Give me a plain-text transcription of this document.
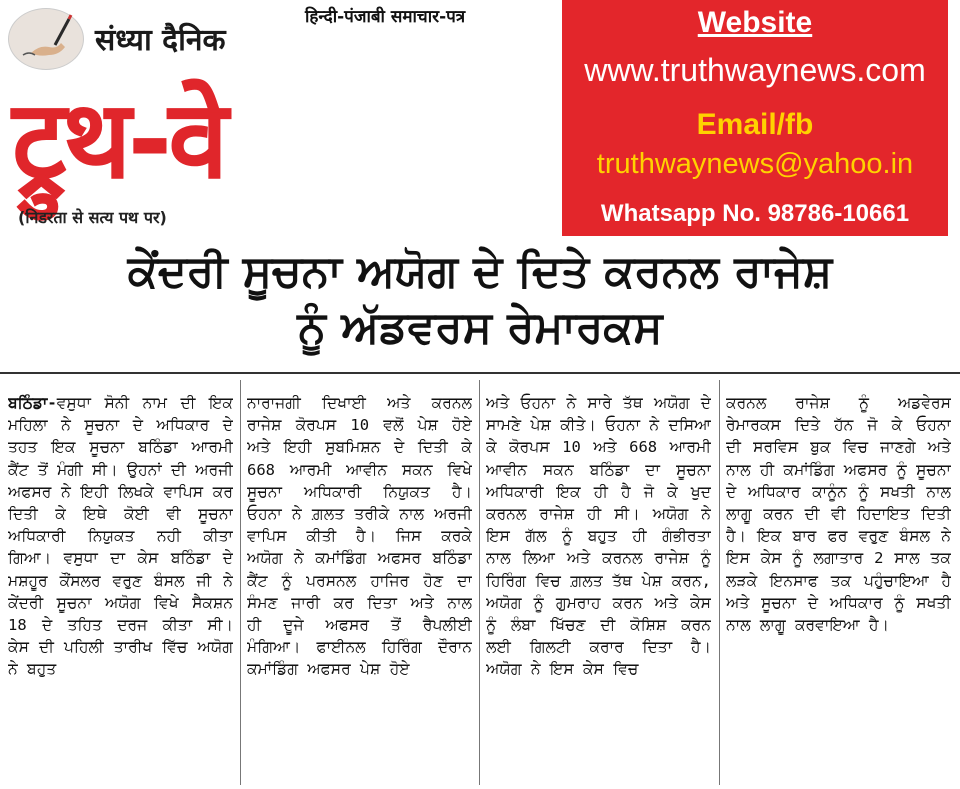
संध्या दैनिक
हिन्दी-पंजाबी समाचार-पत्र
ट्रुथ-वे
(निडरता से सत्य पथ पर)
Website
www.truthwaynews.com
Email/fb
truthwaynews@yahoo.in
Whatsapp No. 98786-10661
ਕੇਂਦਰੀ ਸੂਚਨਾ ਅਯੋਗ ਦੇ ਦਿਤੇ ਕਰਨਲ ਰਾਜੇਸ਼
ਨੂੰ ਅੱਡਵਰਸ ਰੇਮਾਰਕਸ
ਬਠਿੰਡਾ-ਵਸੁਧਾ ਸੋਨੀ ਨਾਮ ਦੀ ਇਕ ਮਹਿਲਾ ਨੇ ਸੂਚਨਾ ਦੇ ਅਧਿਕਾਰ ਦੇ ਤਹਤ ਇਕ ਸੂਚਨਾ ਬਠਿੰਡਾ ਆਰਮੀ ਕੈਂਟ ਤੋਂ ਮੰਗੀ ਸੀ। ਉਹਨਾਂ ਦੀ ਅਰਜੀ ਅਫਸਰ ਨੇ ਇਹੀ ਲਿਖਕੇ ਵਾਪਿਸ ਕਰ ਦਿਤੀ ਕੇ ਇਥੇ ਕੋਈ ਵੀ ਸੂਚਨਾ ਅਧਿਕਾਰੀ ਨਿਯੁਕਤ ਨਹੀ ਕੀਤਾ ਗਿਆ। ਵਸੁਧਾ ਦਾ ਕੇਸ ਬਠਿੰਡਾ ਦੇ ਮਸ਼ਹੂਰ ਕੌਂਸਲਰ ਵਰੁਣ ਬੰਸਲ ਜੀ ਨੇ ਕੇਂਦਰੀ ਸੂਚਨਾ ਅਯੋਗ ਵਿਖੇ ਸੈਕਸ਼ਨ 18 ਦੇ ਤਹਿਤ ਦਰਜ ਕੀਤਾ ਸੀ। ਕੇਸ ਦੀ ਪਹਿਲੀ ਤਾਰੀਖ ਵਿੱਚ ਅਯੋਗ ਨੇ ਬਹੁਤ
ਨਾਰਾਜਗੀ ਦਿਖਾਈ ਅਤੇ ਕਰਨਲ ਰਾਜੇਸ਼ ਕੋਰਪਸ 10 ਵਲੋਂ ਪੇਸ਼ ਹੋਏ ਅਤੇ ਇਹੀ ਸੁਬਮਿਸ਼ਨ ਦੇ ਦਿਤੀ ਕੇ 668 ਆਰਮੀ ਆਵੀਨ ਸਕਨ ਵਿਖੇ ਸੂਚਨਾ ਅਧਿਕਾਰੀ ਨਿਯੁਕਤ ਹੈ। ਓਹਨਾ ਨੇ ਗ਼ਲਤ ਤਰੀਕੇ ਨਾਲ ਅਰਜੀ ਵਾਪਿਸ ਕੀਤੀ ਹੈ। ਜਿਸ ਕਰਕੇ ਅਯੋਗ ਨੇ ਕਮਾਂਡਿੰਗ ਅਫਸਰ ਬਠਿੰਡਾ ਕੈਂਟ ਨੂੰ ਪਰਸਨਲ ਹਾਜਿਰ ਹੋਣ ਦਾ ਸੰਮਣ ਜਾਰੀ ਕਰ ਦਿਤਾ ਅਤੇ ਨਾਲ ਹੀ ਦੂਜੇ ਅਫਸਰ ਤੋਂ ਰੈਪਲੀਈ ਮੰਗਿਆ। ਫਾਈਨਲ ਹਿਰਿੰਗ ਦੌਰਾਨ ਕਮਾਂਡਿੰਗ ਅਫਸਰ ਪੇਸ਼ ਹੋਏ
ਅਤੇ ਓਹਨਾ ਨੇ ਸਾਰੇ ਤੱਥ ਅਯੋਗ ਦੇ ਸਾਮਣੇ ਪੇਸ਼ ਕੀਤੇ। ਓਹਨਾ ਨੇ ਦਸਿਆ ਕੇ ਕੋਰਪਸ 10 ਅਤੇ 668 ਆਰਮੀ ਆਵੀਨ ਸਕਨ ਬਠਿੰਡਾ ਦਾ ਸੂਚਨਾ ਅਧਿਕਾਰੀ ਇਕ ਹੀ ਹੈ ਜੋ ਕੇ ਖੁਦ ਕਰਨਲ ਰਾਜੇਸ਼ ਹੀ ਸੀ। ਅਯੋਗ ਨੇ ਇਸ ਗੱਲ ਨੂੰ ਬਹੁਤ ਹੀ ਗੰਭੀਰਤਾ ਨਾਲ ਲਿਆ ਅਤੇ ਕਰਨਲ ਰਾਜੇਸ਼ ਨੂੰ ਹਿਰਿੰਗ ਵਿਚ ਗ਼ਲਤ ਤੱਥ ਪੇਸ਼ ਕਰਨ, ਅਯੋਗ ਨੂੰ ਗੁਮਰਾਹ ਕਰਨ ਅਤੇ ਕੇਸ ਨੂੰ ਲੰਬਾ ਖਿੱਚਣ ਦੀ ਕੋਸ਼ਿਸ਼ ਕਰਨ ਲਈ ਗਿਲਟੀ ਕਰਾਰ ਦਿਤਾ ਹੈ। ਅਯੋਗ ਨੇ ਇਸ ਕੇਸ ਵਿਚ
ਕਰਨਲ ਰਾਜੇਸ਼ ਨੂੰ ਅਡਵੇਰਸ ਰੇਮਾਰਕਸ ਦਿਤੇ ਹੱਨ ਜੋ ਕੇ ਓਹਨਾ ਦੀ ਸਰਵਿਸ ਬੁਕ ਵਿਚ ਜਾਣਗੇ ਅਤੇ ਨਾਲ ਹੀ ਕਮਾਂਡਿੰਗ ਅਫਸਰ ਨੂੰ ਸੂਚਨਾ ਦੇ ਅਧਿਕਾਰ ਕਾਨੂੰਨ ਨੂੰ ਸਖਤੀ ਨਾਲ ਲਾਗੂ ਕਰਨ ਦੀ ਵੀ ਹਿਦਾਇਤ ਦਿਤੀ ਹੈ। ਇਕ ਬਾਰ ਫਰ ਵਰੁਣ ਬੰਸਲ ਨੇ ਇਸ ਕੇਸ ਨੂੰ ਲਗਾਤਾਰ 2 ਸਾਲ ਤਕ ਲੜਕੇ ਇਨਸਾਫ ਤਕ ਪਹੁੰਚਾਇਆ ਹੈ ਅਤੇ ਸੂਚਨਾ ਦੇ ਅਧਿਕਾਰ ਨੂੰ ਸਖਤੀ ਨਾਲ ਲਾਗੂ ਕਰਵਾਇਆ ਹੈ।
